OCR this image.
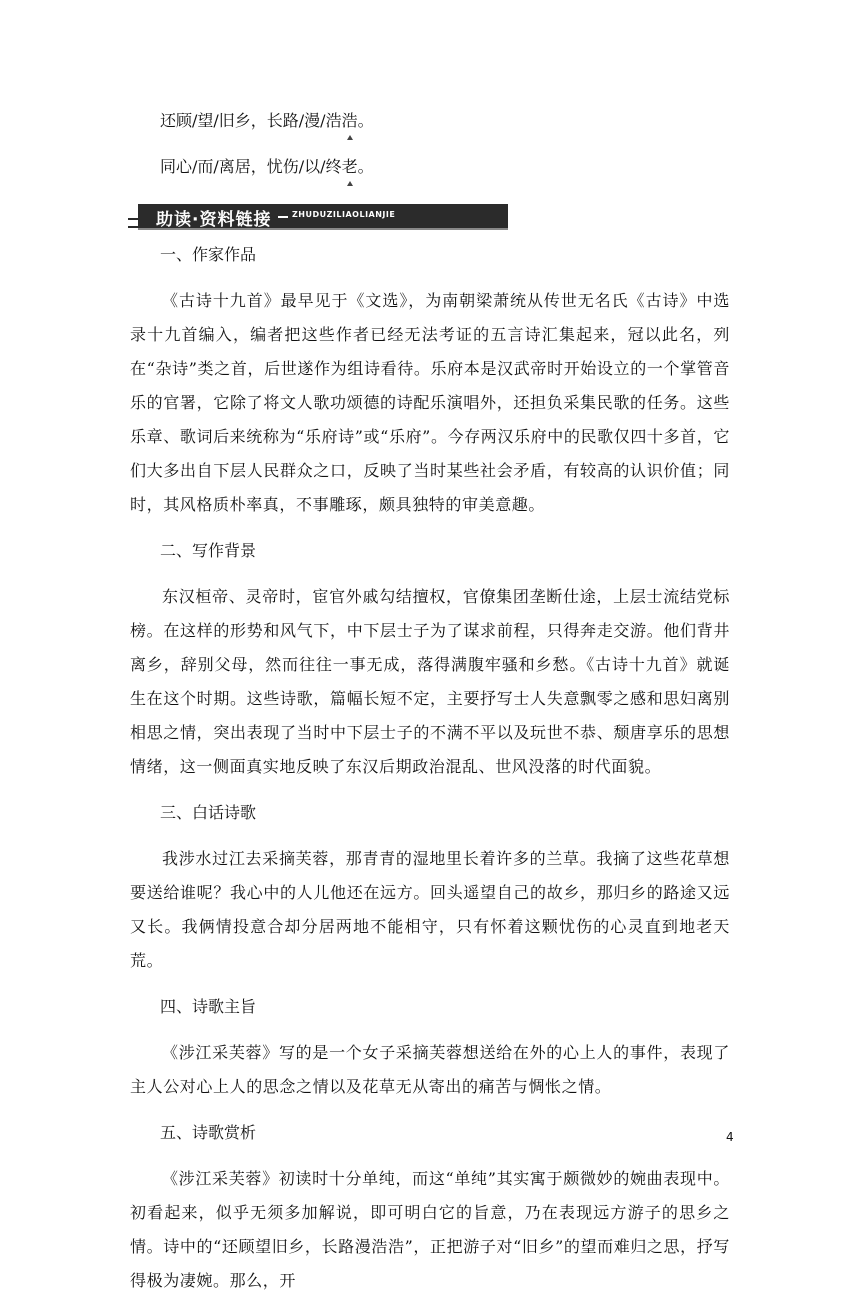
还顾/望/旧乡，长路/漫/浩浩。

同心/而/离居，忧伤/以/终老。

助读·资料链接	ZHUDUZILIAOLIANJIE

一、作家作品

《古诗十九首》最早见于《文选》，为南朝梁萧统从传世无名氏《古诗》中选录十九首编入，编者把这些作者已经无法考证的五言诗汇集起来，冠以此名，列在“杂诗”类之首，后世遂作为组诗看待。乐府本是汉武帝时开始设立的一个掌管音乐的官署，它除了将文人歌功颂德的诗配乐演唱外，还担负采集民歌的任务。这些乐章、歌词后来统称为“乐府诗”或“乐府”。今存两汉乐府中的民歌仅四十多首，它们大多出自下层人民群众之口，反映了当时某些社会矛盾，有较高的认识价值；同时，其风格质朴率真，不事雕琢，颇具独特的审美意趣。

二、写作背景

东汉桓帝、灵帝时，宦官外戚勾结擅权，官僚集团垄断仕途，上层士流结党标榜。在这样的形势和风气下，中下层士子为了谋求前程，只得奔走交游。他们背井离乡，辞别父母，然而往往一事无成，落得满腹牢骚和乡愁。《古诗十九首》就诞生在这个时期。这些诗歌，篇幅长短不定，主要抒写士人失意飘零之感和思妇离别相思之情，突出表现了当时中下层士子的不满不平以及玩世不恭、颓唐享乐的思想情绪，这一侧面真实地反映了东汉后期政治混乱、世风没落的时代面貌。

三、白话诗歌

我涉水过江去采摘芙蓉，那青青的湿地里长着许多的兰草。我摘了这些花草想要送给谁呢？我心中的人儿他还在远方。回头遥望自己的故乡，那归乡的路途又远又长。我俩情投意合却分居两地不能相守，只有怀着这颗忧伤的心灵直到地老天荒。

四、诗歌主旨

《涉江采芙蓉》写的是一个女子采摘芙蓉想送给在外的心上人的事件，表现了主人公对心上人的思念之情以及花草无从寄出的痛苦与惆怅之情。

五、诗歌赏析

《涉江采芙蓉》初读时十分单纯，而这“单纯”其实寓于颇微妙的婉曲表现中。初看起来，似乎无须多加解说，即可明白它的旨意，乃在表现远方游子的思乡之情。诗中的“还顾望旧乡，长路漫浩浩”，正把游子对“旧乡”的望而难归之思，抒写得极为凄婉。那么，开

4
